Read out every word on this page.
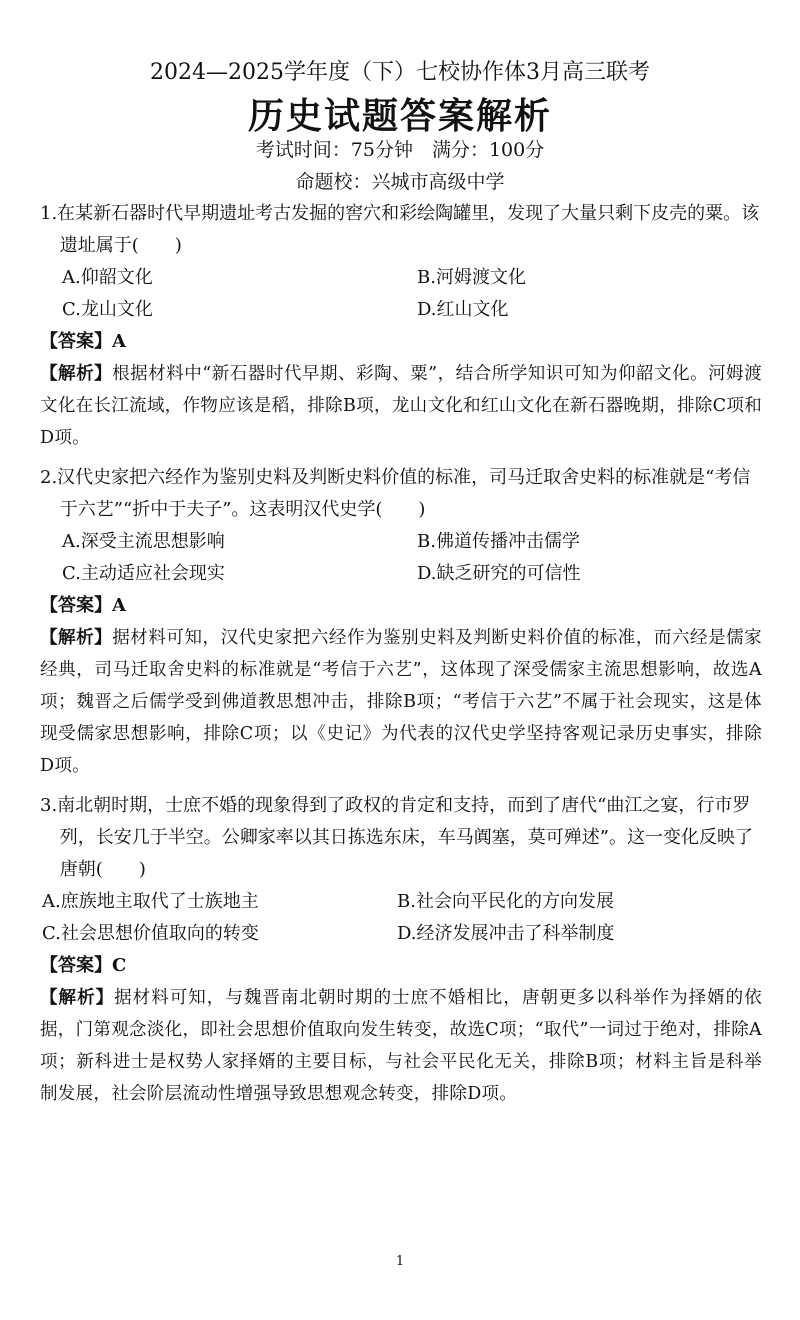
2024—2025学年度（下）七校协作体3月高三联考
历史试题答案解析
考试时间：75分钟　满分：100分
命题校：兴城市高级中学
1.在某新石器时代早期遗址考古发掘的窖穴和彩绘陶罐里，发现了大量只剩下皮壳的粟。该遗址属于(　　)
A.仰韶文化	B.河姆渡文化
C.龙山文化	D.红山文化
【答案】A
【解析】根据材料中“新石器时代早期、彩陶、粟”，结合所学知识可知为仰韶文化。河姆渡文化在长江流域，作物应该是稻，排除B项，龙山文化和红山文化在新石器晚期，排除C项和D项。
2.汉代史家把六经作为鉴别史料及判断史料价值的标准，司马迁取舍史料的标准就是“考信于六艺”“折中于夫子”。这表明汉代史学(　　)
A.深受主流思想影响	B.佛道传播冲击儒学
C.主动适应社会现实	D.缺乏研究的可信性
【答案】A
【解析】据材料可知，汉代史家把六经作为鉴别史料及判断史料价值的标准，而六经是儒家经典，司马迁取舍史料的标准就是“考信于六艺”，这体现了深受儒家主流思想影响，故选A项；魏晋之后儒学受到佛道教思想冲击，排除B项；“考信于六艺”不属于社会现实，这是体现受儒家思想影响，排除C项；以《史记》为代表的汉代史学坚持客观记录历史事实，排除D项。
3.南北朝时期，士庶不婚的现象得到了政权的肯定和支持，而到了唐代“曲江之宴，行市罗列，长安几于半空。公卿家率以其日拣选东床，车马阗塞，莫可殚述”。这一变化反映了唐朝(　　)
A.庶族地主取代了士族地主	B.社会向平民化的方向发展
C.社会思想价值取向的转变	D.经济发展冲击了科举制度
【答案】C
【解析】据材料可知，与魏晋南北朝时期的士庶不婚相比，唐朝更多以科举作为择婿的依据，门第观念淡化，即社会思想价值取向发生转变，故选C项；“取代”一词过于绝对，排除A项；新科进士是权势人家择婿的主要目标，与社会平民化无关，排除B项；材料主旨是科举制发展，社会阶层流动性增强导致思想观念转变，排除D项。
1
